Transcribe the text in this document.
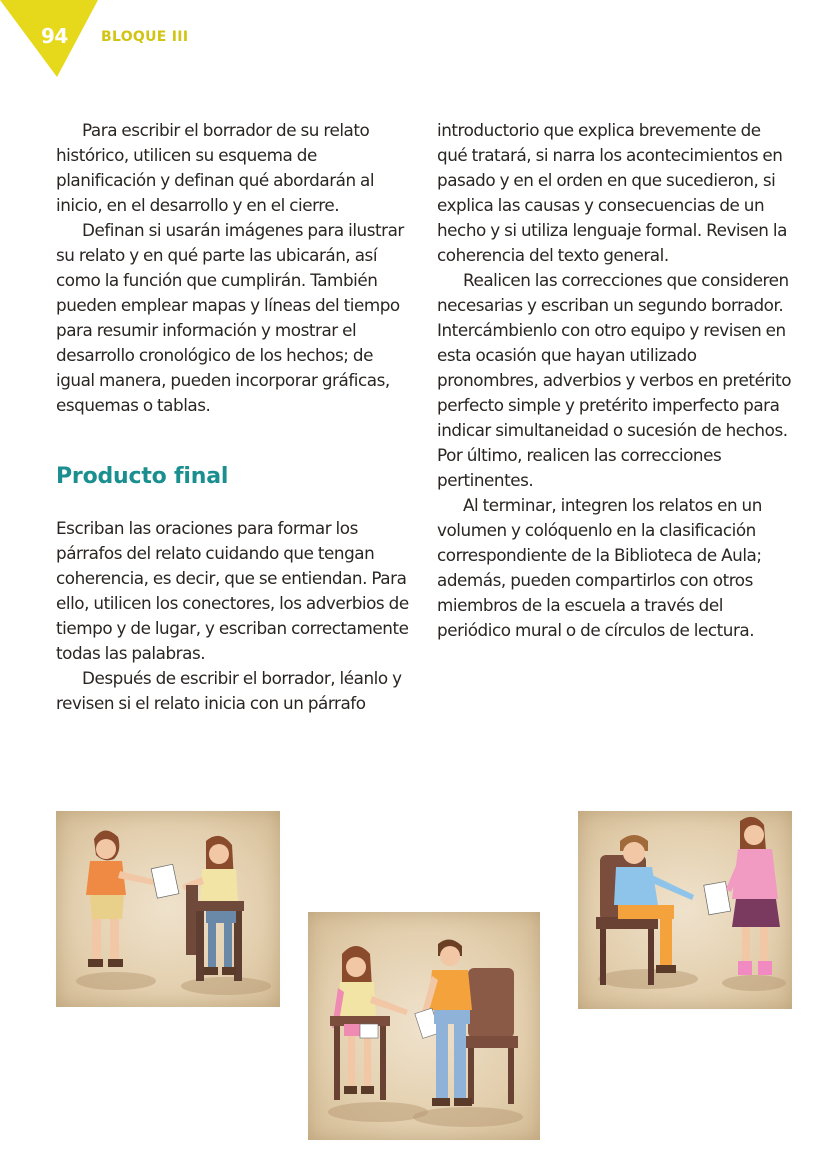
94 BLOQUE III

Para escribir el borrador de su relato histórico, utilicen su esquema de planificación y definan qué abordarán al inicio, en el desarrollo y en el cierre.

Definan si usarán imágenes para ilustrar su relato y en qué parte las ubicarán, así como la función que cumplirán. También pueden emplear mapas y líneas del tiempo para resumir información y mostrar el desarrollo cronológico de los hechos; de igual manera, pueden incorporar gráficas, esquemas o tablas.

Producto final

Escriban las oraciones para formar los párrafos del relato cuidando que tengan coherencia, es decir, que se entiendan. Para ello, utilicen los conectores, los adverbios de tiempo y de lugar, y escriban correctamente todas las palabras.

Después de escribir el borrador, léanlo y revisen si el relato inicia con un párrafo

introductorio que explica brevemente de qué tratará, si narra los acontecimientos en pasado y en el orden en que sucedieron, si explica las causas y consecuencias de un hecho y si utiliza lenguaje formal. Revisen la coherencia del texto general.

Realicen las correcciones que consideren necesarias y escriban un segundo borrador. Intercámbienlo con otro equipo y revisen en esta ocasión que hayan utilizado pronombres, adverbios y verbos en pretérito perfecto simple y pretérito imperfecto para indicar simultaneidad o sucesión de hechos. Por último, realicen las correcciones pertinentes.

Al terminar, integren los relatos en un volumen y colóquenlo en la clasificación correspondiente de la Biblioteca de Aula; además, pueden compartirlos con otros miembros de la escuela a través del periódico mural o de círculos de lectura.
